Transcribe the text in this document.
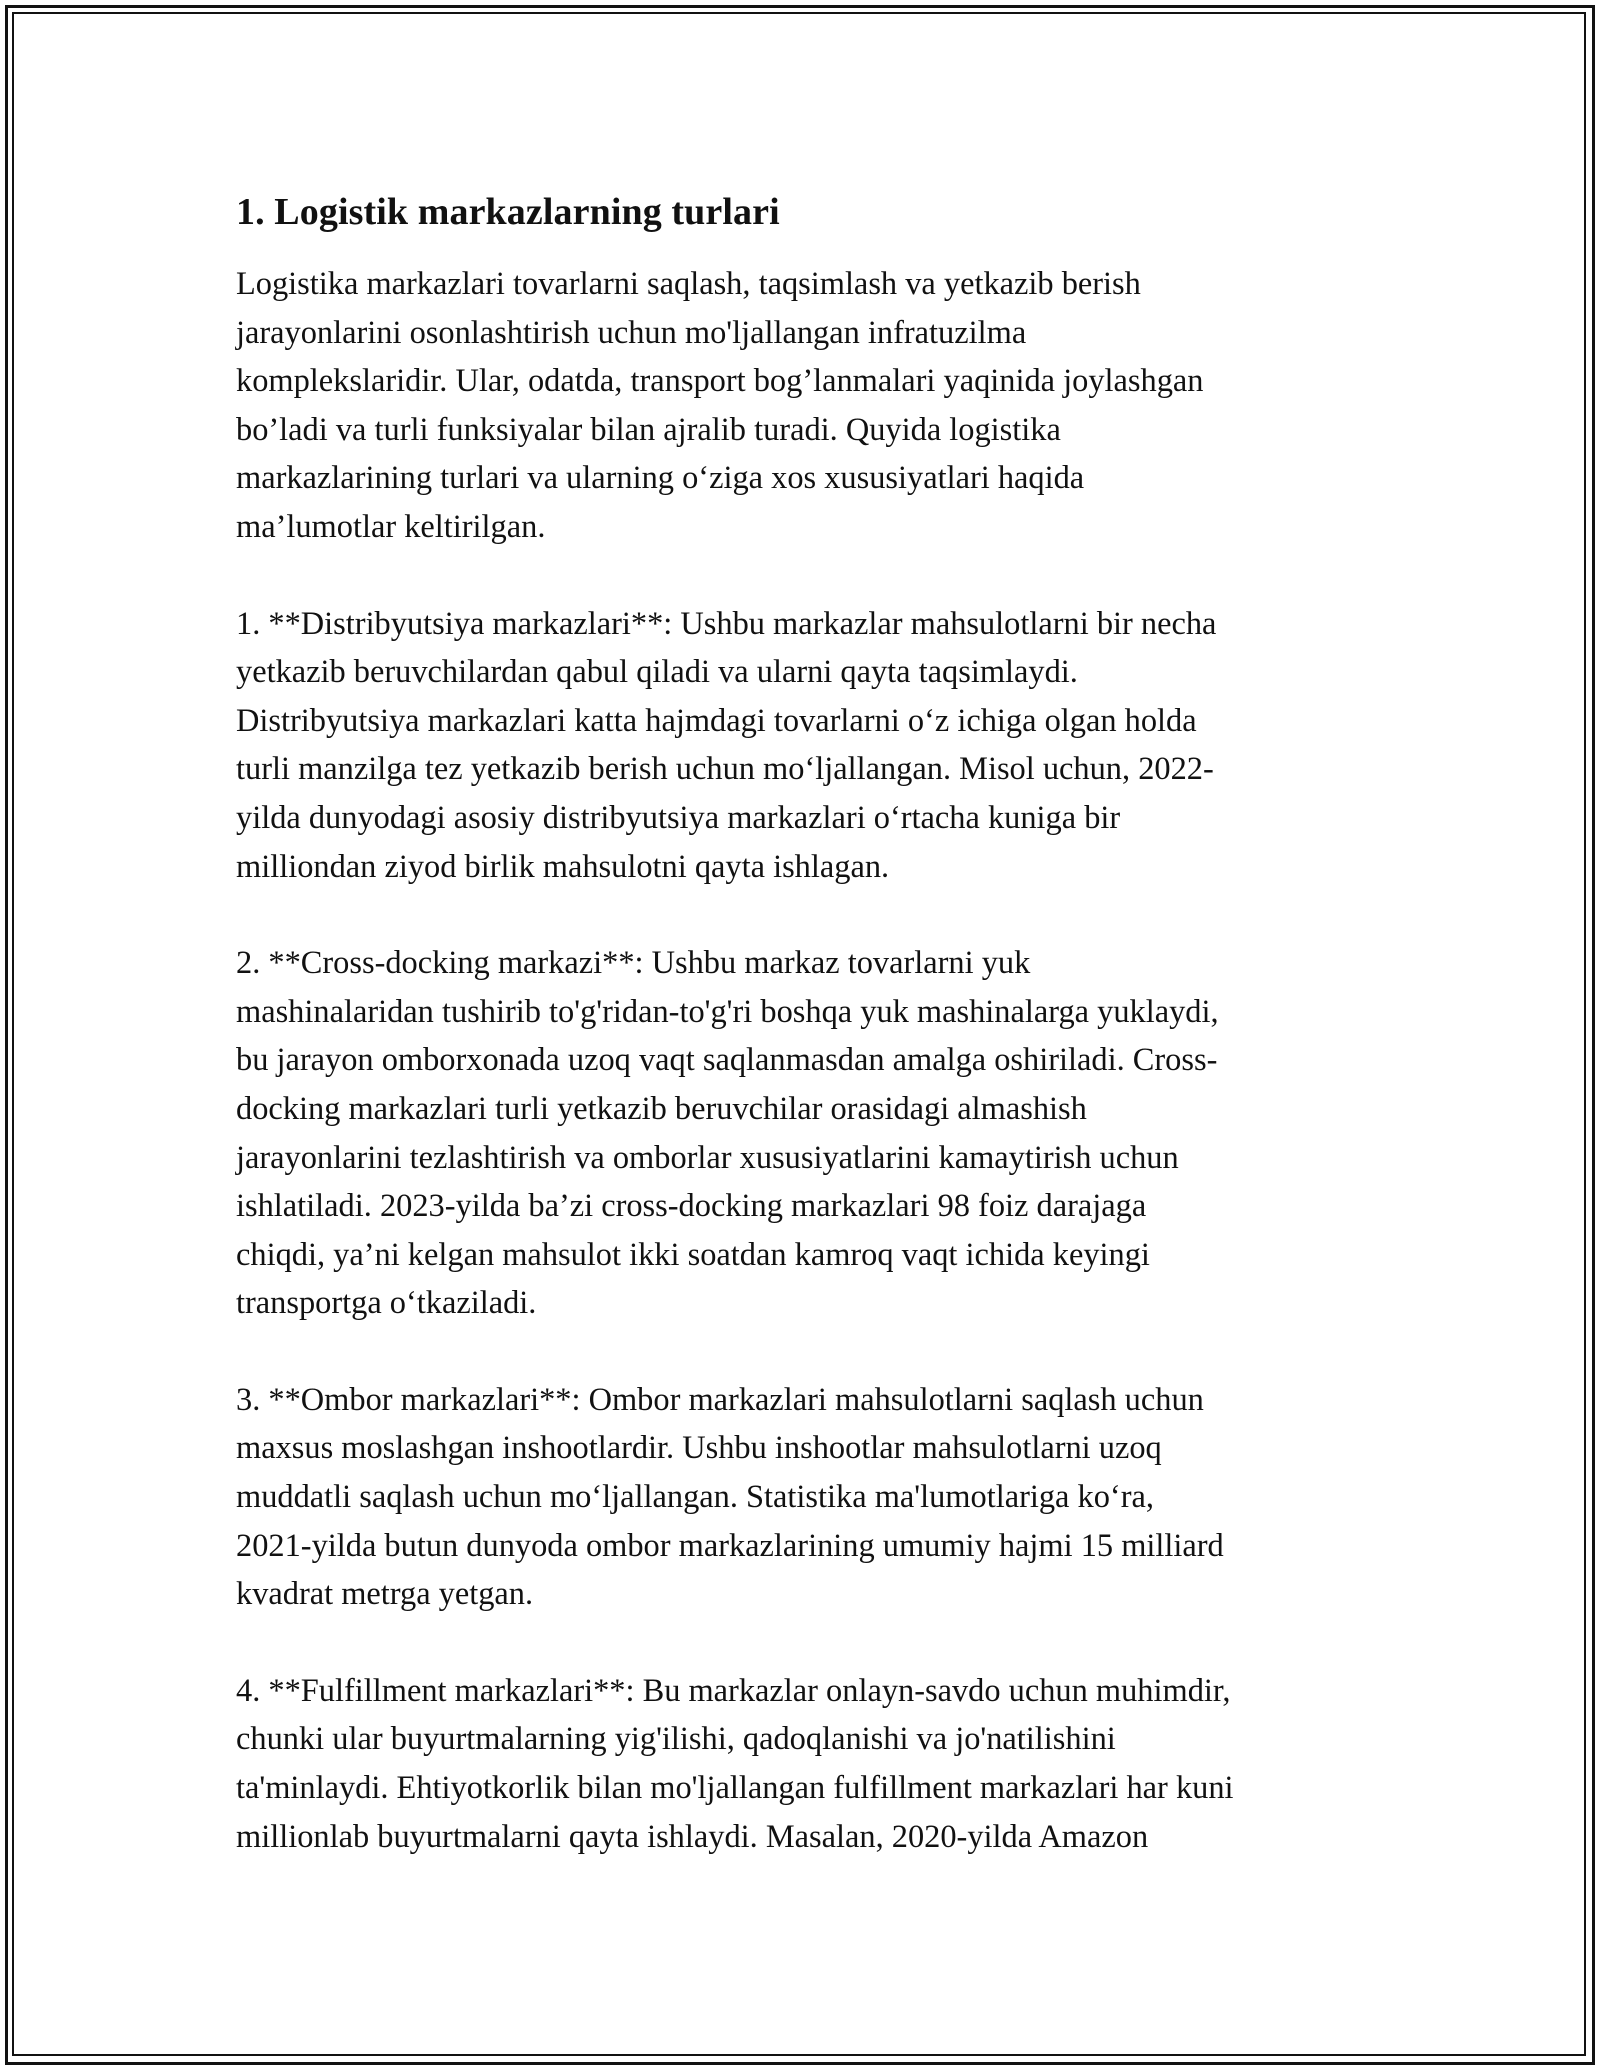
1. Logistik markazlarning turlari

Logistika markazlari tovarlarni saqlash, taqsimlash va yetkazib berish
jarayonlarini osonlashtirish uchun mo'ljallangan infratuzilma
komplekslaridir. Ular, odatda, transport bog’lanmalari yaqinida joylashgan
bo’ladi va turli funksiyalar bilan ajralib turadi. Quyida logistika
markazlarining turlari va ularning o‘ziga xos xususiyatlari haqida
ma’lumotlar keltirilgan.

1. **Distribyutsiya markazlari**: Ushbu markazlar mahsulotlarni bir necha
yetkazib beruvchilardan qabul qiladi va ularni qayta taqsimlaydi.
Distribyutsiya markazlari katta hajmdagi tovarlarni o‘z ichiga olgan holda
turli manzilga tez yetkazib berish uchun mo‘ljallangan. Misol uchun, 2022-
yilda dunyodagi asosiy distribyutsiya markazlari o‘rtacha kuniga bir
milliondan ziyod birlik mahsulotni qayta ishlagan.

2. **Cross-docking markazi**: Ushbu markaz tovarlarni yuk
mashinalaridan tushirib to'g'ridan-to'g'ri boshqa yuk mashinalarga yuklaydi,
bu jarayon omborxonada uzoq vaqt saqlanmasdan amalga oshiriladi. Cross-
docking markazlari turli yetkazib beruvchilar orasidagi almashish
jarayonlarini tezlashtirish va omborlar xususiyatlarini kamaytirish uchun
ishlatiladi. 2023-yilda ba’zi cross-docking markazlari 98 foiz darajaga
chiqdi, ya’ni kelgan mahsulot ikki soatdan kamroq vaqt ichida keyingi
transportga o‘tkaziladi.

3. **Ombor markazlari**: Ombor markazlari mahsulotlarni saqlash uchun
maxsus moslashgan inshootlardir. Ushbu inshootlar mahsulotlarni uzoq
muddatli saqlash uchun mo‘ljallangan. Statistika ma'lumotlariga ko‘ra,
2021-yilda butun dunyoda ombor markazlarining umumiy hajmi 15 milliard
kvadrat metrga yetgan.

4. **Fulfillment markazlari**: Bu markazlar onlayn-savdo uchun muhimdir,
chunki ular buyurtmalarning yig'ilishi, qadoqlanishi va jo'natilishini
ta'minlaydi. Ehtiyotkorlik bilan mo'ljallangan fulfillment markazlari har kuni
millionlab buyurtmalarni qayta ishlaydi. Masalan, 2020-yilda Amazon
